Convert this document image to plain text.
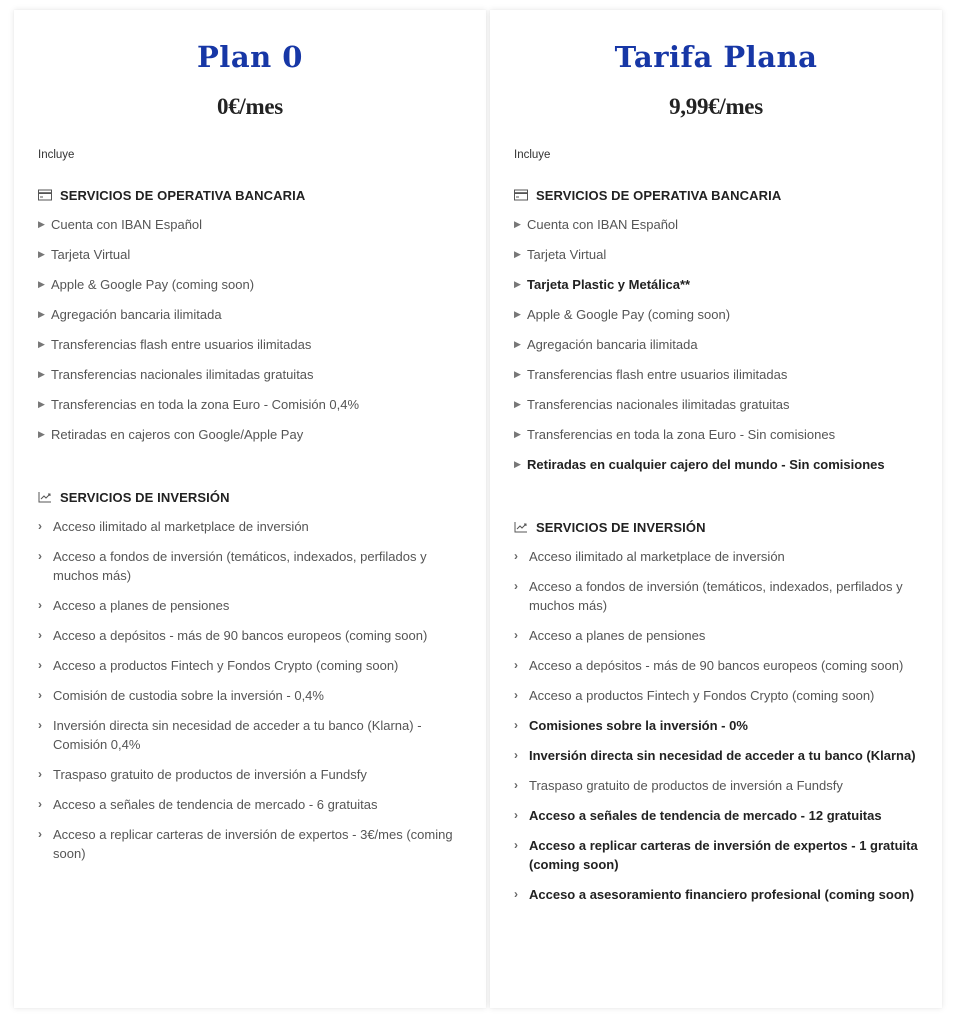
Plan 0
0€/mes
Incluye
SERVICIOS DE OPERATIVA BANCARIA
▶ Cuenta con IBAN Español
▶ Tarjeta Virtual
▶ Apple & Google Pay (coming soon)
▶ Agregación bancaria ilimitada
▶ Transferencias flash entre usuarios ilimitadas
▶ Transferencias nacionales ilimitadas gratuitas
▶ Transferencias en toda la zona Euro - Comisión 0,4%
▶ Retiradas en cajeros con Google/Apple Pay
SERVICIOS DE INVERSIÓN
› Acceso ilimitado al marketplace de inversión
› Acceso a fondos de inversión (temáticos, indexados, perfilados y muchos más)
› Acceso a planes de pensiones
› Acceso a depósitos - más de 90 bancos europeos (coming soon)
› Acceso a productos Fintech y Fondos Crypto (coming soon)
› Comisión de custodia sobre la inversión - 0,4%
› Inversión directa sin necesidad de acceder a tu banco (Klarna) - Comisión 0,4%
› Traspaso gratuito de productos de inversión a Fundsfy
› Acceso a señales de tendencia de mercado - 6 gratuitas
› Acceso a replicar carteras de inversión de expertos - 3€/mes (coming soon)
Tarifa Plana
9,99€/mes
Incluye
SERVICIOS DE OPERATIVA BANCARIA
▶ Cuenta con IBAN Español
▶ Tarjeta Virtual
▶ Tarjeta Plastic y Metálica**
▶ Apple & Google Pay (coming soon)
▶ Agregación bancaria ilimitada
▶ Transferencias flash entre usuarios ilimitadas
▶ Transferencias nacionales ilimitadas gratuitas
▶ Transferencias en toda la zona Euro - Sin comisiones
▶ Retiradas en cualquier cajero del mundo - Sin comisiones
SERVICIOS DE INVERSIÓN
› Acceso ilimitado al marketplace de inversión
› Acceso a fondos de inversión (temáticos, indexados, perfilados y muchos más)
› Acceso a planes de pensiones
› Acceso a depósitos - más de 90 bancos europeos (coming soon)
› Acceso a productos Fintech y Fondos Crypto (coming soon)
› Comisiones sobre la inversión - 0%
› Inversión directa sin necesidad de acceder a tu banco (Klarna)
› Traspaso gratuito de productos de inversión a Fundsfy
› Acceso a señales de tendencia de mercado - 12 gratuitas
› Acceso a replicar carteras de inversión de expertos - 1 gratuita (coming soon)
› Acceso a asesoramiento financiero profesional (coming soon)
